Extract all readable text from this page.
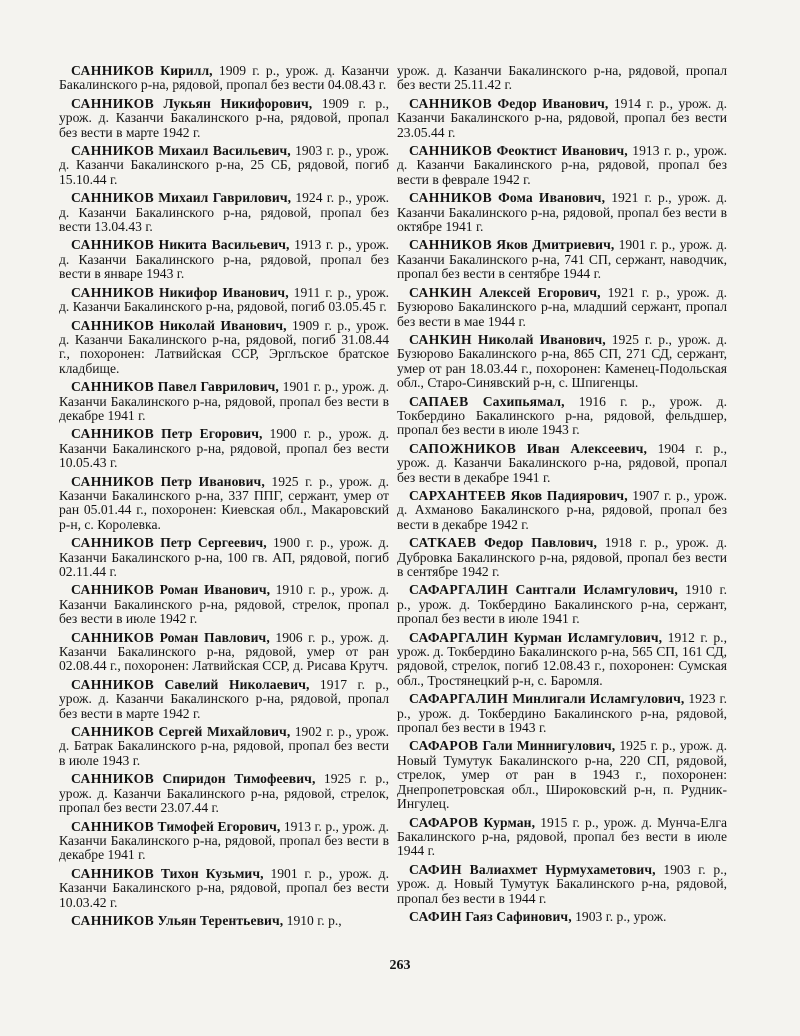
САННИКОВ Кирилл, 1909 г. р., урож. д. Казанчи Бакалинского р-на, рядовой, пропал без вести 04.08.43 г.

САННИКОВ Лукьян Никифорович, 1909 г. р., урож. д. Казанчи Бакалинского р-на, рядовой, пропал без вести в марте 1942 г.

САННИКОВ Михаил Васильевич, 1903 г. р., урож. д. Казанчи Бакалинского р-на, 25 СБ, рядовой, погиб 15.10.44 г.

САННИКОВ Михаил Гаврилович, 1924 г. р., урож. д. Казанчи Бакалинского р-на, рядовой, пропал без вести 13.04.43 г.

САННИКОВ Никита Васильевич, 1913 г. р., урож. д. Казанчи Бакалинского р-на, рядовой, пропал без вести в январе 1943 г.

САННИКОВ Никифор Иванович, 1911 г. р., урож. д. Казанчи Бакалинского р-на, рядовой, погиб 03.05.45 г.

САННИКОВ Николай Иванович, 1909 г. р., урож. д. Казанчи Бакалинского р-на, рядовой, погиб 31.08.44 г., похоронен: Латвийская ССР, Эрглъское братское кладбище.

САННИКОВ Павел Гаврилович, 1901 г. р., урож. д. Казанчи Бакалинского р-на, рядовой, пропал без вести в декабре 1941 г.

САННИКОВ Петр Егорович, 1900 г. р., урож. д. Казанчи Бакалинского р-на, рядовой, пропал без вести 10.05.43 г.

САННИКОВ Петр Иванович, 1925 г. р., урож. д. Казанчи Бакалинского р-на, 337 ППГ, сержант, умер от ран 05.01.44 г., похоронен: Киевская обл., Макаровский р-н, с. Королевка.

САННИКОВ Петр Сергеевич, 1900 г. р., урож. д. Казанчи Бакалинского р-на, 100 гв. АП, рядовой, погиб 02.11.44 г.

САННИКОВ Роман Иванович, 1910 г. р., урож. д. Казанчи Бакалинского р-на, рядовой, стрелок, пропал без вести в июле 1942 г.

САННИКОВ Роман Павлович, 1906 г. р., урож. д. Казанчи Бакалинского р-на, рядовой, умер от ран 02.08.44 г., похоронен: Латвийская ССР, д. Рисава Крутч.

САННИКОВ Савелий Николаевич, 1917 г. р., урож. д. Казанчи Бакалинского р-на, рядовой, пропал без вести в марте 1942 г.

САННИКОВ Сергей Михайлович, 1902 г. р., урож. д. Батрак Бакалинского р-на, рядовой, пропал без вести в июле 1943 г.

САННИКОВ Спиридон Тимофеевич, 1925 г. р., урож. д. Казанчи Бакалинского р-на, рядовой, стрелок, пропал без вести 23.07.44 г.

САННИКОВ Тимофей Егорович, 1913 г. р., урож. д. Казанчи Бакалинского р-на, рядовой, пропал без вести в декабре 1941 г.

САННИКОВ Тихон Кузьмич, 1901 г. р., урож. д. Казанчи Бакалинского р-на, рядовой, пропал без вести 10.03.42 г.

САННИКОВ Ульян Терентьевич, 1910 г. р.,

урож. д. Казанчи Бакалинского р-на, рядовой, пропал без вести 25.11.42 г.

САННИКОВ Федор Иванович, 1914 г. р., урож. д. Казанчи Бакалинского р-на, рядовой, пропал без вести 23.05.44 г.

САННИКОВ Феоктист Иванович, 1913 г. р., урож. д. Казанчи Бакалинского р-на, рядовой, пропал без вести в феврале 1942 г.

САННИКОВ Фома Иванович, 1921 г. р., урож. д. Казанчи Бакалинского р-на, рядовой, пропал без вести в октябре 1941 г.

САННИКОВ Яков Дмитриевич, 1901 г. р., урож. д. Казанчи Бакалинского р-на, 741 СП, сержант, наводчик, пропал без вести в сентябре 1944 г.

САНКИН Алексей Егорович, 1921 г. р., урож. д. Бузюрово Бакалинского р-на, младший сержант, пропал без вести в мае 1944 г.

САНКИН Николай Иванович, 1925 г. р., урож. д. Бузюрово Бакалинского р-на, 865 СП, 271 СД, сержант, умер от ран 18.03.44 г., похоронен: Каменец-Подольская обл., Старо-Синявский р-н, с. Шпигенцы.

САПАЕВ Сахипьямал, 1916 г. р., урож. д. Токбердино Бакалинского р-на, рядовой, фельдшер, пропал без вести в июле 1943 г.

САПОЖНИКОВ Иван Алексеевич, 1904 г. р., урож. д. Казанчи Бакалинского р-на, рядовой, пропал без вести в декабре 1941 г.

САРХАНТЕЕВ Яков Падиярович, 1907 г. р., урож. д. Ахманово Бакалинского р-на, рядовой, пропал без вести в декабре 1942 г.

САТКАЕВ Федор Павлович, 1918 г. р., урож. д. Дубровка Бакалинского р-на, рядовой, пропал без вести в сентябре 1942 г.

САФАРГАЛИН Сантгали Исламгулович, 1910 г. р., урож. д. Токбердино Бакалинского р-на, сержант, пропал без вести в июле 1941 г.

САФАРГАЛИН Курман Исламгулович, 1912 г. р., урож. д. Токбердино Бакалинского р-на, 565 СП, 161 СД, рядовой, стрелок, погиб 12.08.43 г., похоронен: Сумская обл., Тростянецкий р-н, с. Баромля.

САФАРГАЛИН Минлигали Исламгулович, 1923 г. р., урож. д. Токбердино Бакалинского р-на, рядовой, пропал без вести в 1943 г.

САФАРОВ Гали Миннигулович, 1925 г. р., урож. д. Новый Тумутук Бакалинского р-на, 220 СП, рядовой, стрелок, умер от ран в 1943 г., похоронен: Днепропетровская обл., Широковский р-н, п. Рудник-Ингулец.

САФАРОВ Курман, 1915 г. р., урож. д. Мунча-Елга Бакалинского р-на, рядовой, пропал без вести в июле 1944 г.

САФИН Валиахмет Нурмухаметович, 1903 г. р., урож. д. Новый Тумутук Бакалинского р-на, рядовой, пропал без вести в 1944 г.

САФИН Гаяз Сафинович, 1903 г. р., урож.

263
